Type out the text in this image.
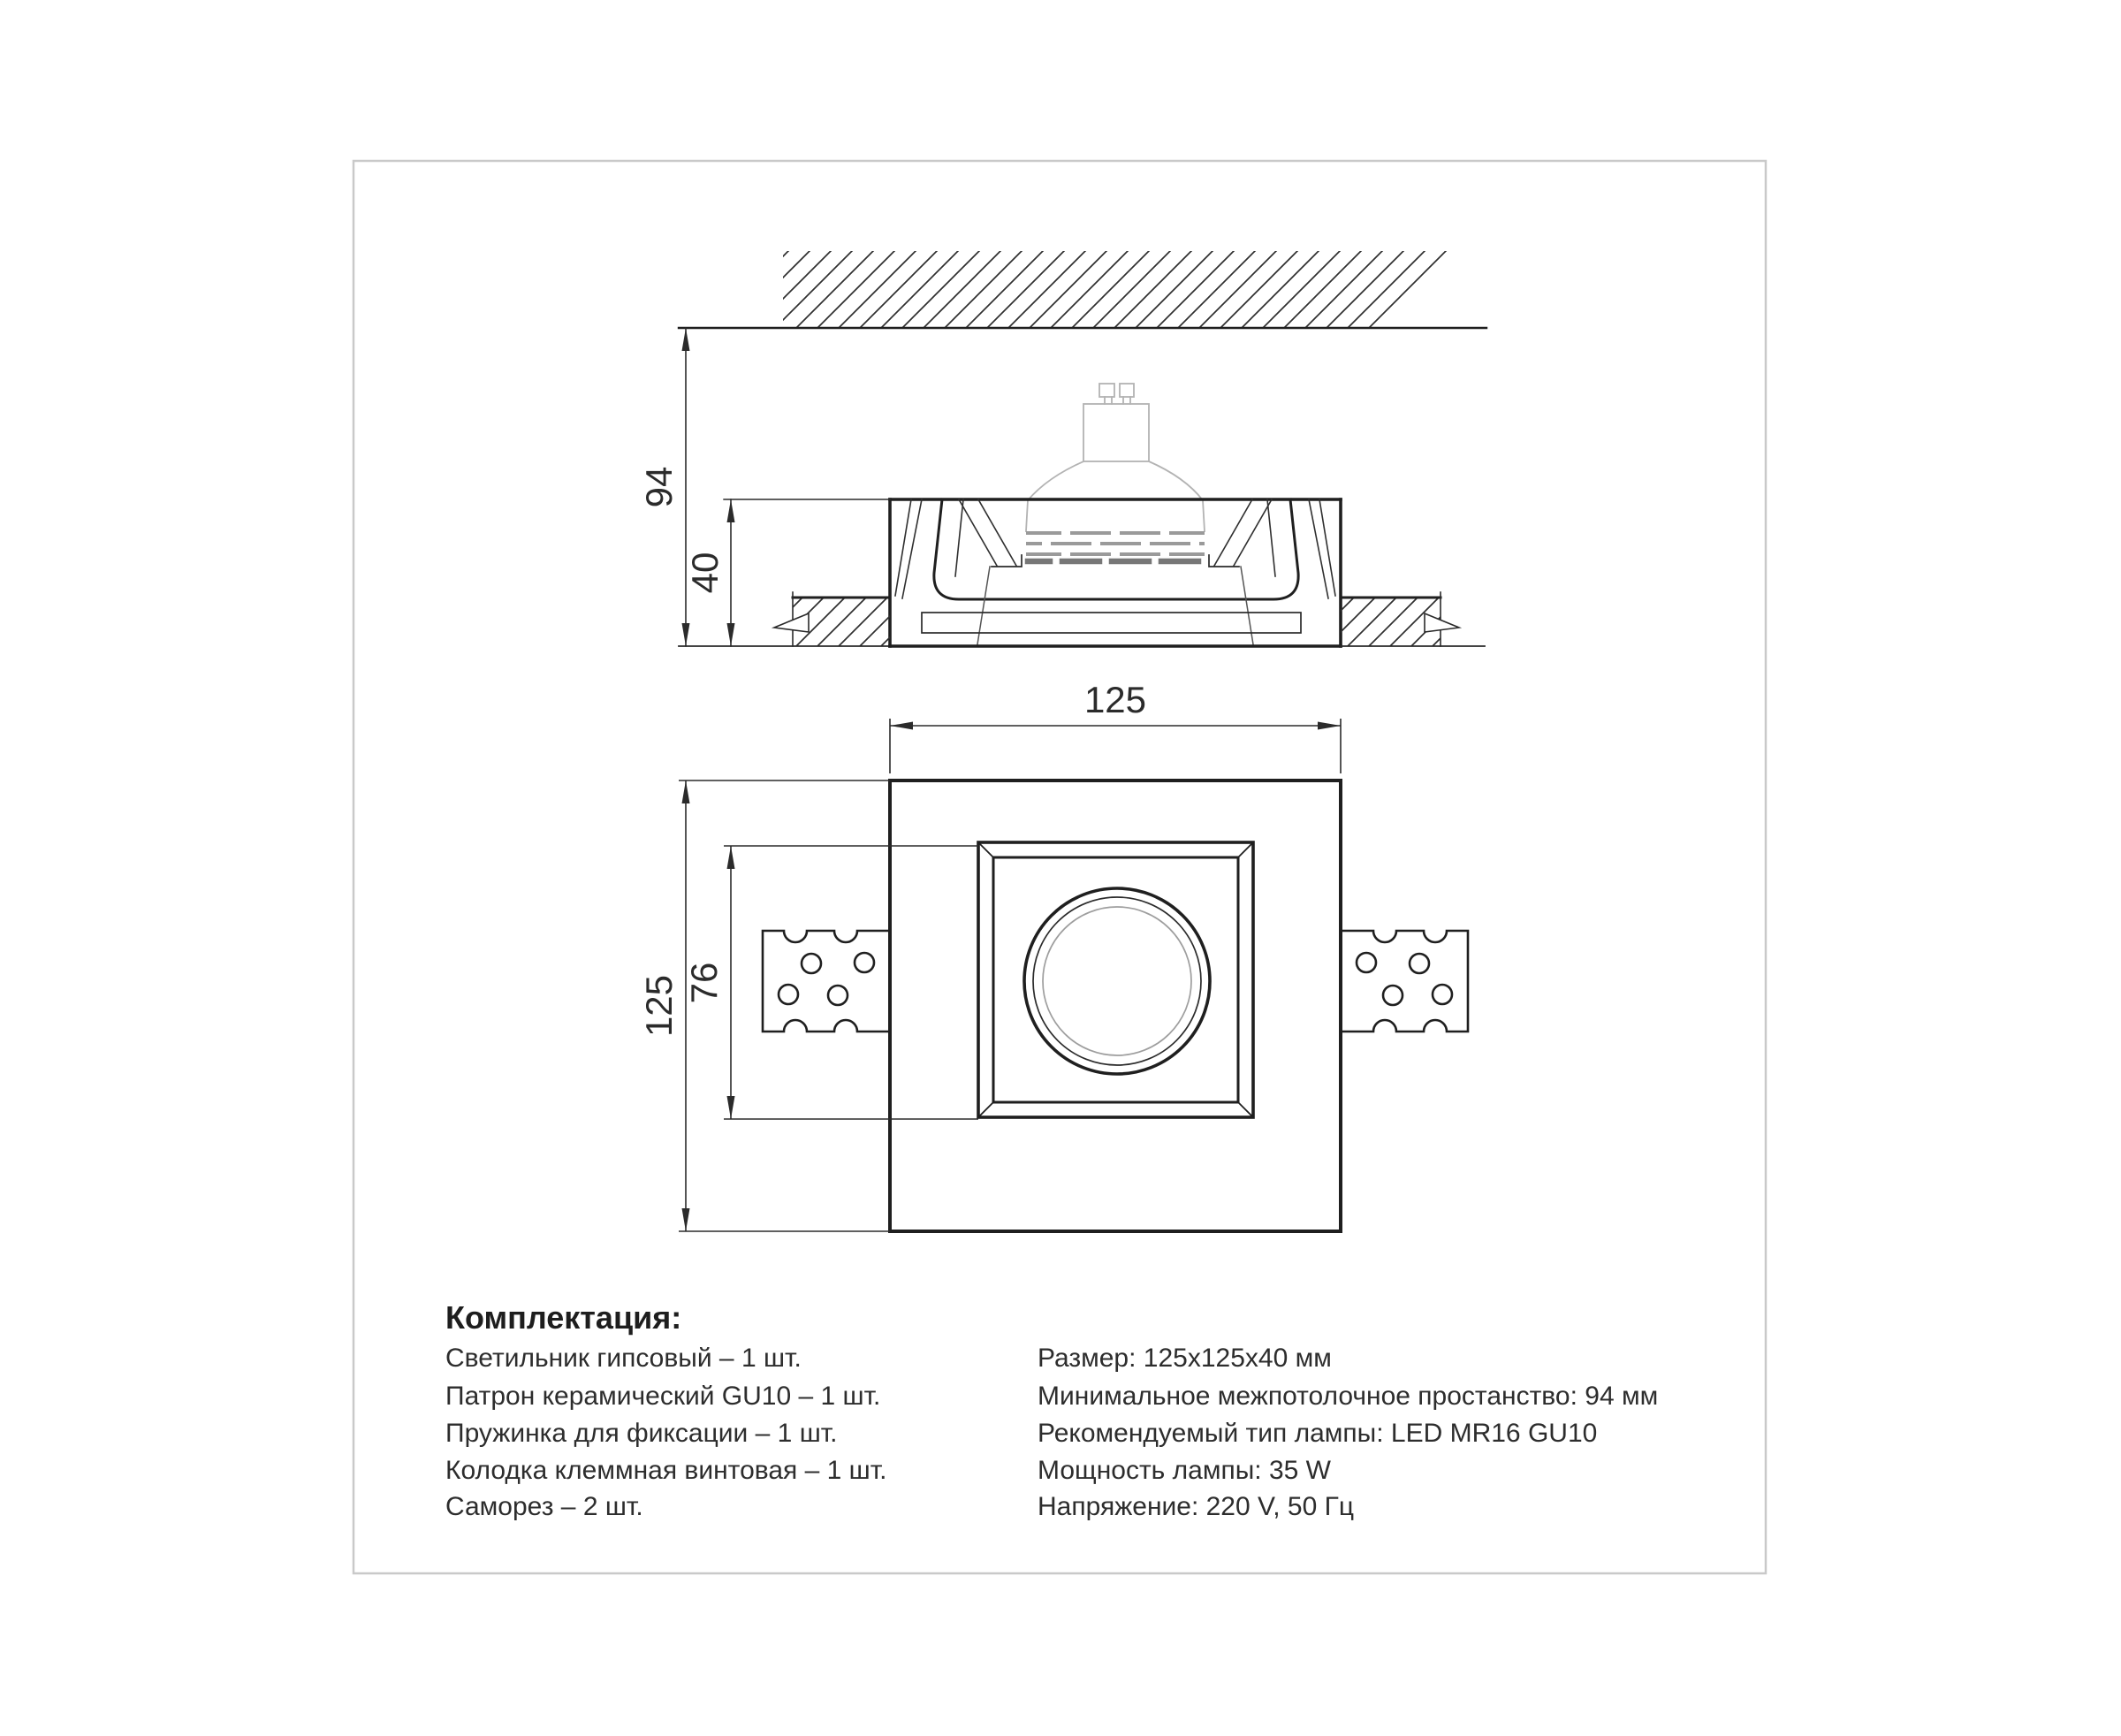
94
40
125
125 76
Комплектация:
Светильник гипсовый – 1 шт.
Патрон керамический GU10 – 1 шт.
Пружинка для фиксации – 1 шт.
Колодка клеммная винтовая – 1 шт.
Саморез – 2 шт.
Размер: 125х125х40 мм
Минимальное межпотолочное простанство: 94 мм
Рекомендуемый тип лампы: LED MR16 GU10
Мощность лампы: 35 W
Напряжение: 220 V, 50 Гц
